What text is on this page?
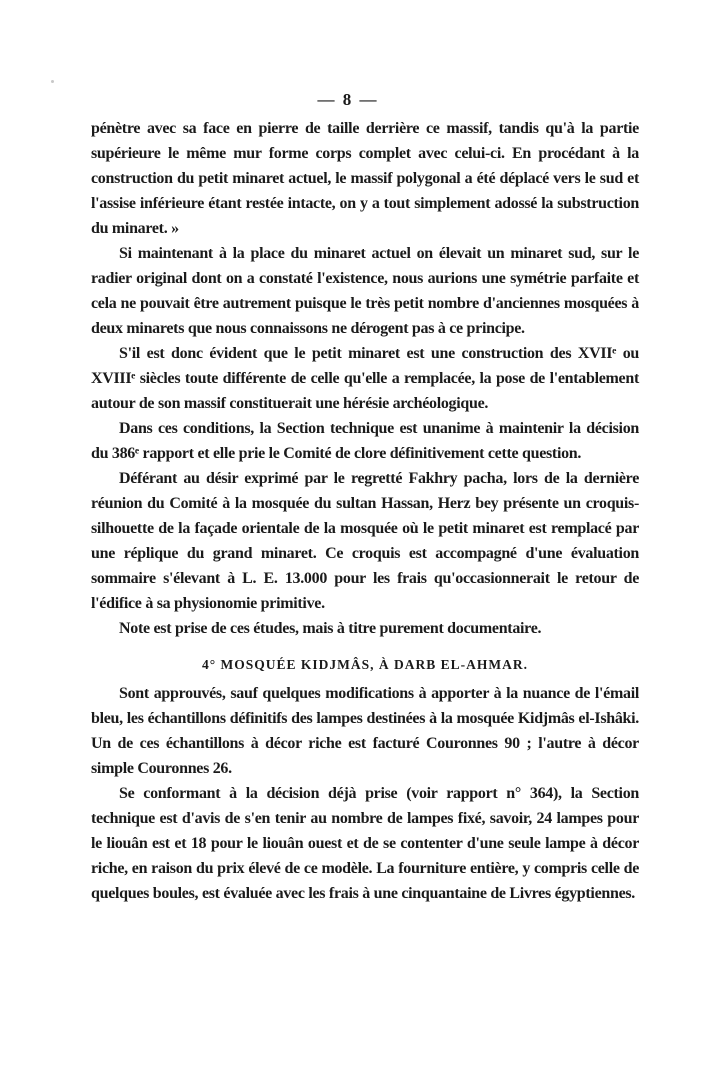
— 8 —

pénètre avec sa face en pierre de taille derrière ce massif, tandis qu'à la partie supérieure le même mur forme corps complet avec celui-ci. En procédant à la construction du petit minaret actuel, le massif polygonal a été déplacé vers le sud et l'assise inférieure étant restée intacte, on y a tout simplement adossé la substruction du minaret. »

Si maintenant à la place du minaret actuel on élevait un minaret sud, sur le radier original dont on a constaté l'existence, nous aurions une symétrie parfaite et cela ne pouvait être autrement puisque le très petit nombre d'anciennes mosquées à deux minarets que nous connaissons ne dérogent pas à ce principe.

S'il est donc évident que le petit minaret est une construction des XVIIᵉ ou XVIIIᵉ siècles toute différente de celle qu'elle a remplacée, la pose de l'entablement autour de son massif constituerait une hérésie archéologique.

Dans ces conditions, la Section technique est unanime à maintenir la décision du 386ᵉ rapport et elle prie le Comité de clore définitivement cette question.

Déférant au désir exprimé par le regretté Fakhry pacha, lors de la dernière réunion du Comité à la mosquée du sultan Hassan, Herz bey présente un croquis-silhouette de la façade orientale de la mosquée où le petit minaret est remplacé par une réplique du grand minaret. Ce croquis est accompagné d'une évaluation sommaire s'élevant à L. E. 13.000 pour les frais qu'occasionnerait le retour de l'édifice à sa physionomie primitive.

Note est prise de ces études, mais à titre purement documentaire.

4° MOSQUÉE KIDJMÂS, À DARB EL-AHMAR.

Sont approuvés, sauf quelques modifications à apporter à la nuance de l'émail bleu, les échantillons définitifs des lampes destinées à la mosquée Kidjmâs el-Ishâki. Un de ces échantillons à décor riche est facturé Couronnes 90 ; l'autre à décor simple Couronnes 26.

Se conformant à la décision déjà prise (voir rapport n° 364), la Section technique est d'avis de s'en tenir au nombre de lampes fixé, savoir, 24 lampes pour le liouân est et 18 pour le liouân ouest et de se contenter d'une seule lampe à décor riche, en raison du prix élevé de ce modèle. La fourniture entière, y compris celle de quelques boules, est évaluée avec les frais à une cinquantaine de Livres égyptiennes.
